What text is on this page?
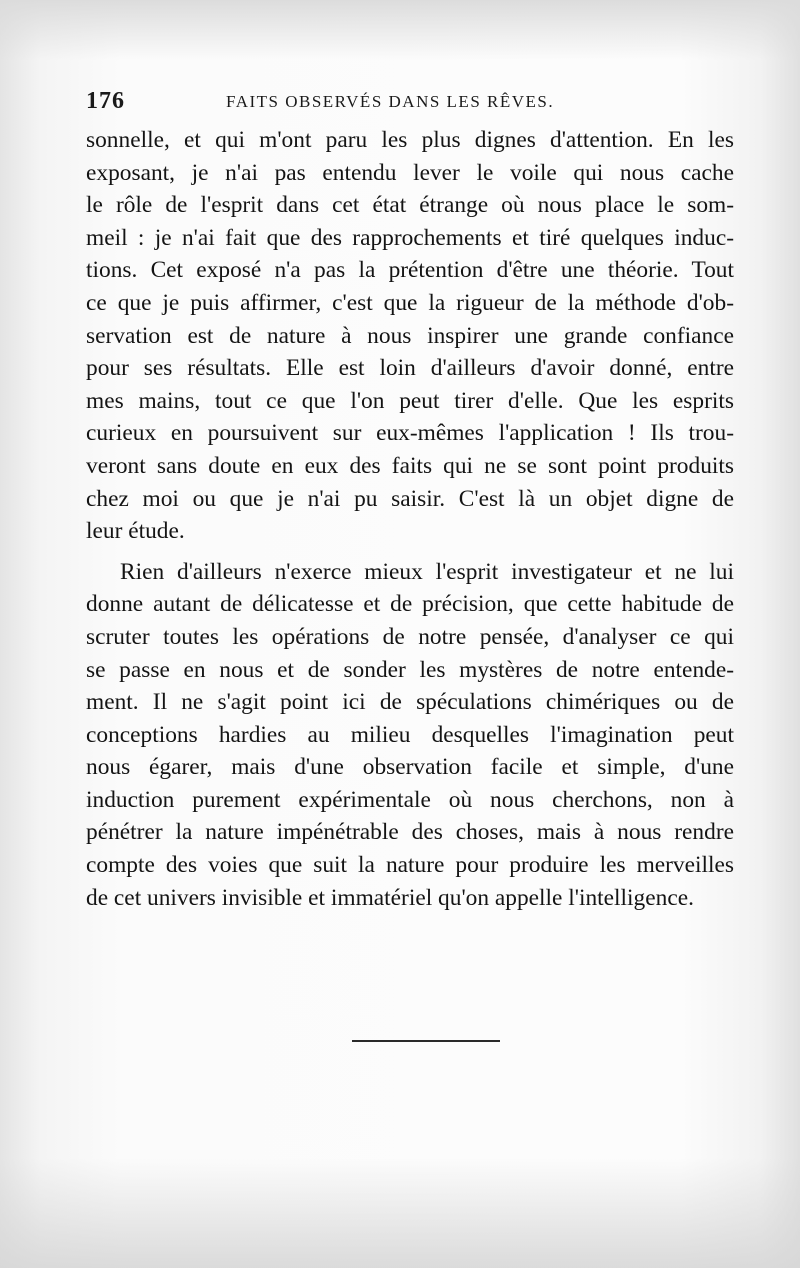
176	FAITS OBSERVÉS DANS LES RÊVES.
sonnelle, et qui m'ont paru les plus dignes d'attention. En les
exposant, je n'ai pas entendu lever le voile qui nous cache
le rôle de l'esprit dans cet état étrange où nous place le som-
meil : je n'ai fait que des rapprochements et tiré quelques induc-
tions. Cet exposé n'a pas la prétention d'être une théorie. Tout
ce que je puis affirmer, c'est que la rigueur de la méthode d'ob-
servation est de nature à nous inspirer une grande confiance
pour ses résultats. Elle est loin d'ailleurs d'avoir donné, entre
mes mains, tout ce que l'on peut tirer d'elle. Que les esprits
curieux en poursuivent sur eux-mêmes l'application ! Ils trou-
veront sans doute en eux des faits qui ne se sont point produits
chez moi ou que je n'ai pu saisir. C'est là un objet digne de
leur étude.
Rien d'ailleurs n'exerce mieux l'esprit investigateur et ne lui
donne autant de délicatesse et de précision, que cette habitude de
scruter toutes les opérations de notre pensée, d'analyser ce qui
se passe en nous et de sonder les mystères de notre entende-
ment. Il ne s'agit point ici de spéculations chimériques ou de
conceptions hardies au milieu desquelles l'imagination peut
nous égarer, mais d'une observation facile et simple, d'une
induction purement expérimentale où nous cherchons, non à
pénétrer la nature impénétrable des choses, mais à nous rendre
compte des voies que suit la nature pour produire les merveilles
de cet univers invisible et immatériel qu'on appelle l'intelligence.
